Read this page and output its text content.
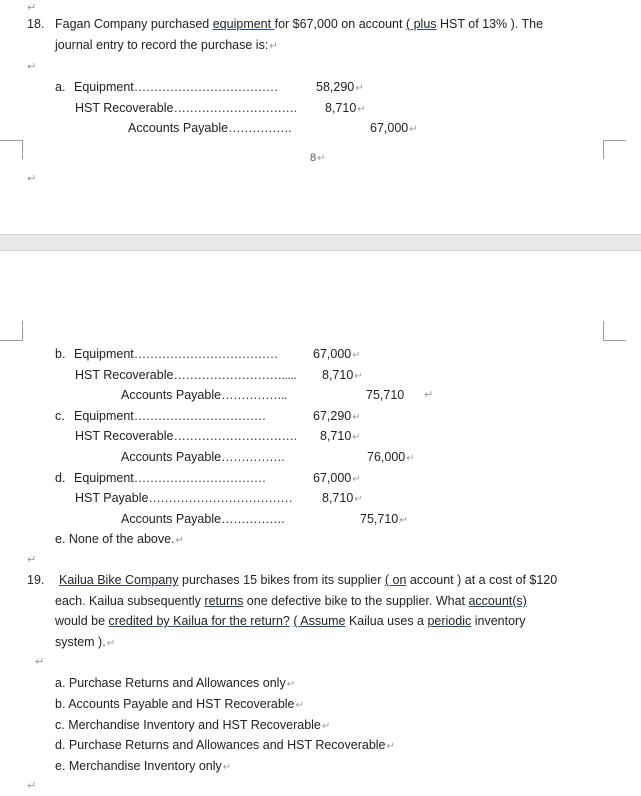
↵
18. Fagan Company purchased equipment for $67,000 on account ( plus HST of 13% ). The
journal entry to record the purchase is:↵
↵
a. Equipment………………………………	58,290↵
HST Recoverable…………………………. 8,710↵
Accounts Payable…………….	67,000↵
8↵
↵
b. Equipment………………………………	67,000↵
HST Recoverable………………………..... 8,710↵
Accounts Payable……………..	75,710 ↵
c. Equipment……………………………	67,290↵
HST Recoverable…………………………. 8,710↵
Accounts Payable…………….	76,000↵
d. Equipment……………………………	67,000↵
HST Payable……………………………… 8,710↵
Accounts Payable…………….	75,710↵
e. None of the above.↵
↵
19. Kailua Bike Company purchases 15 bikes from its supplier ( on account ) at a cost of $120
each. Kailua subsequently returns one defective bike to the supplier. What account(s)
would be credited by Kailua for the return? ( Assume Kailua uses a periodic inventory
system ).↵
↵
a. Purchase Returns and Allowances only↵
b. Accounts Payable and HST Recoverable↵
c. Merchandise Inventory and HST Recoverable↵
d. Purchase Returns and Allowances and HST Recoverable↵
e. Merchandise Inventory only↵
↵
